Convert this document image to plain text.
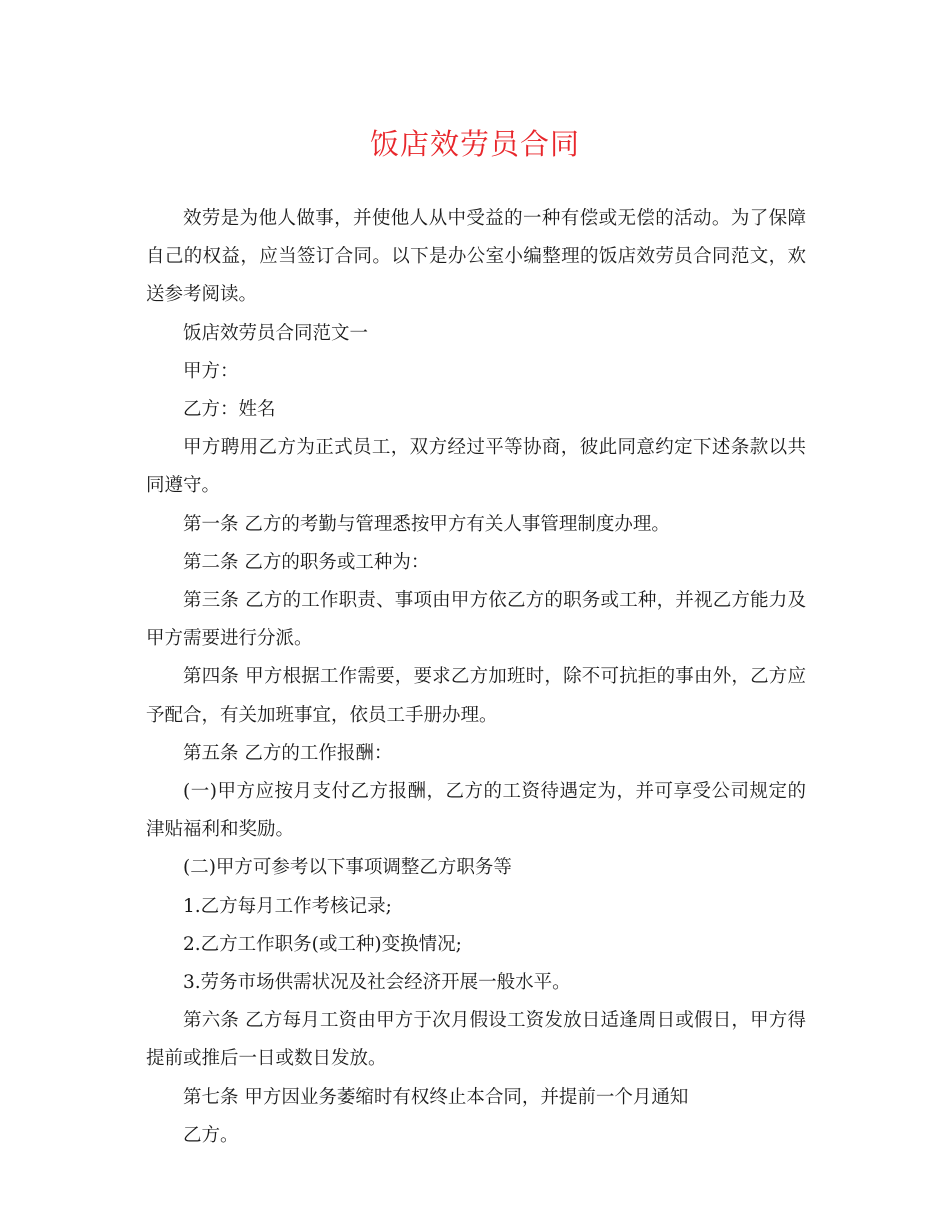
饭店效劳员合同

效劳是为他人做事，并使他人从中受益的一种有偿或无偿的活动。为了保障自己的权益，应当签订合同。以下是办公室小编整理的饭店效劳员合同范文，欢送参考阅读。

饭店效劳员合同范文一

甲方：

乙方：姓名

甲方聘用乙方为正式员工，双方经过平等协商，彼此同意约定下述条款以共同遵守。

第一条 乙方的考勤与管理悉按甲方有关人事管理制度办理。

第二条 乙方的职务或工种为：

第三条 乙方的工作职责、事项由甲方依乙方的职务或工种，并视乙方能力及甲方需要进行分派。

第四条 甲方根据工作需要，要求乙方加班时，除不可抗拒的事由外，乙方应予配合，有关加班事宜，依员工手册办理。

第五条 乙方的工作报酬：

(一)甲方应按月支付乙方报酬，乙方的工资待遇定为，并可享受公司规定的津贴福利和奖励。

(二)甲方可参考以下事项调整乙方职务等

1.乙方每月工作考核记录;

2.乙方工作职务(或工种)变换情况;

3.劳务市场供需状况及社会经济开展一般水平。

第六条 乙方每月工资由甲方于次月假设工资发放日适逢周日或假日，甲方得提前或推后一日或数日发放。

第七条 甲方因业务萎缩时有权终止本合同，并提前一个月通知

乙方。
